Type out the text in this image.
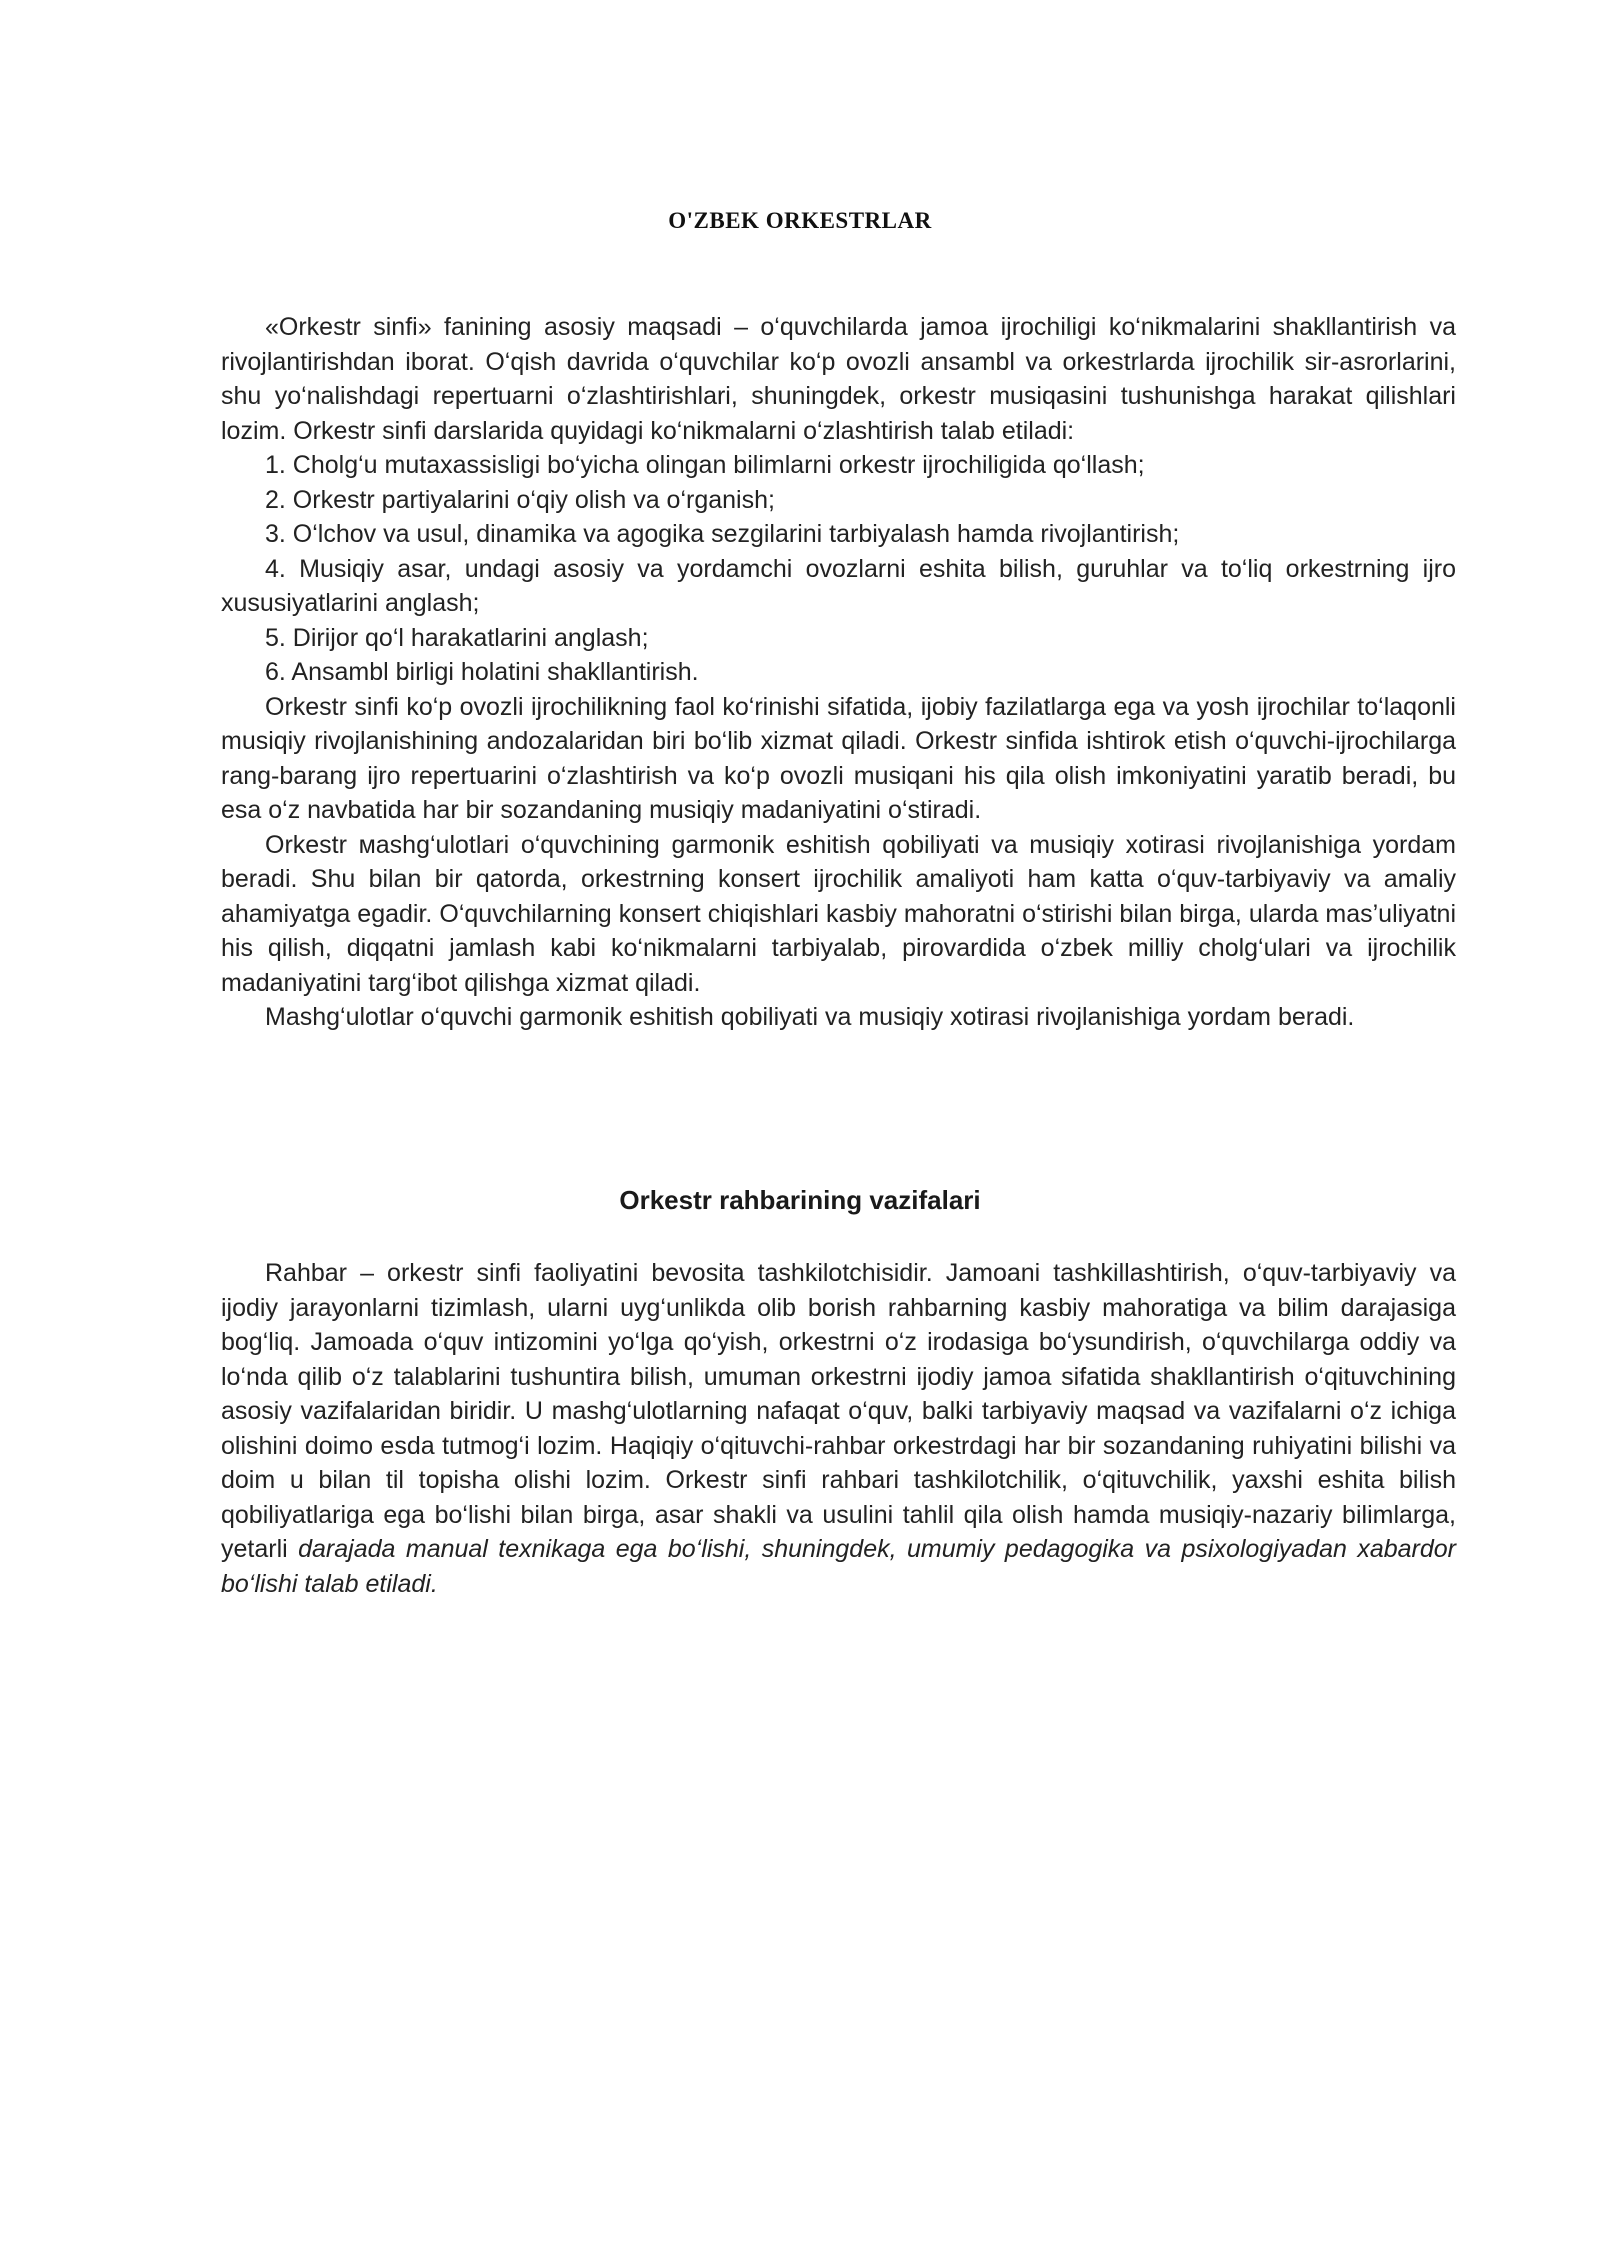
O'ZBEK ORKESTRLAR

«Orkestr sinfi» fanining asosiy maqsadi – o‘quvchilarda jamoa ijrochiligi ko‘nikmalarini shakllantirish va rivojlantirishdan iborat. O‘qish davrida o‘quvchilar ko‘p ovozli ansambl va orkestrlarda ijrochilik sir-asrorlarini, shu yo‘nalishdagi repertuarni o‘zlashtirishlari, shuningdek, orkestr musiqasini tushunishga harakat qilishlari lozim. Orkestr sinfi darslarida quyidagi ko‘nikmalarni o‘zlashtirish talab etiladi:

1. Cholg‘u mutaxassisligi bo‘yicha olingan bilimlarni orkestr ijrochiligida qo‘llash;

2. Orkestr partiyalarini o‘qiy olish va o‘rganish;

3. O‘lchov va usul, dinamika va agogika sezgilarini tarbiyalash hamda rivojlantirish;

4. Musiqiy asar, undagi asosiy va yordamchi ovozlarni eshita bilish, guruhlar va to‘liq orkestrning ijro xususiyatlarini anglash;

5. Dirijor qo‘l harakatlarini anglash;

6. Ansambl birligi holatini shakllantirish.

Orkestr sinfi ko‘p ovozli ijrochilikning faol ko‘rinishi sifatida, ijobiy fazilatlarga ega va yosh ijrochilar to‘laqonli musiqiy rivojlanishining andozalaridan biri bo‘lib xizmat qiladi. Orkestr sinfida ishtirok etish o‘quvchi-ijrochilarga rang-barang ijro repertuarini o‘zlashtirish va ko‘p ovozli musiqani his qila olish imkoniyatini yaratib beradi, bu esa o‘z navbatida har bir sozandaning musiqiy madaniyatini o‘stiradi.

Orkestr мashg‘ulotlari o‘quvchining garmonik eshitish qobiliyati va musiqiy xotirasi rivojlanishiga yordam beradi. Shu bilan bir qatorda, orkestrning konsert ijrochilik amaliyoti ham katta o‘quv-tarbiyaviy va amaliy ahamiyatga egadir. O‘quvchilarning konsert chiqishlari kasbiy mahoratni o‘stirishi bilan birga, ularda mas’uliyatni his qilish, diqqatni jamlash kabi ko‘nikmalarni tarbiyalab, pirovardida o‘zbek milliy cholg‘ulari va ijrochilik madaniyatini targ‘ibot qilishga xizmat qiladi.

Mashg‘ulotlar o‘quvchi garmonik eshitish qobiliyati va musiqiy xotirasi rivojlanishiga yordam beradi.

Orkestr rahbarining vazifalari

Rahbar – orkestr sinfi faoliyatini bevosita tashkilotchisidir. Jamoani tashkillashtirish, o‘quv-tarbiyaviy va ijodiy jarayonlarni tizimlash, ularni uyg‘unlikda olib borish rahbarning kasbiy mahoratiga va bilim darajasiga bog‘liq. Jamoada o‘quv intizomini yo‘lga qo‘yish, orkestrni o‘z irodasiga bo‘ysundirish, o‘quvchilarga oddiy va lo‘nda qilib o‘z talablarini tushuntira bilish, umuman orkestrni ijodiy jamoa sifatida shakllantirish o‘qituvchining asosiy vazifalaridan biridir. U mashg‘ulotlarning nafaqat o‘quv, balki tarbiyaviy maqsad va vazifalarni o‘z ichiga olishini doimo esda tutmog‘i lozim. Haqiqiy o‘qituvchi-rahbar orkestrdagi har bir sozandaning ruhiyatini bilishi va doim u bilan til topisha olishi lozim. Orkestr sinfi rahbari tashkilotchilik, o‘qituvchilik, yaxshi eshita bilish qobiliyatlariga ega bo‘lishi bilan birga, asar shakli va usulini tahlil qila olish hamda musiqiy-nazariy bilimlarga, yetarli darajada manual texnikaga ega bo‘lishi, shuningdek, umumiy pedagogika va psixologiyadan xabardor bo‘lishi talab etiladi.
